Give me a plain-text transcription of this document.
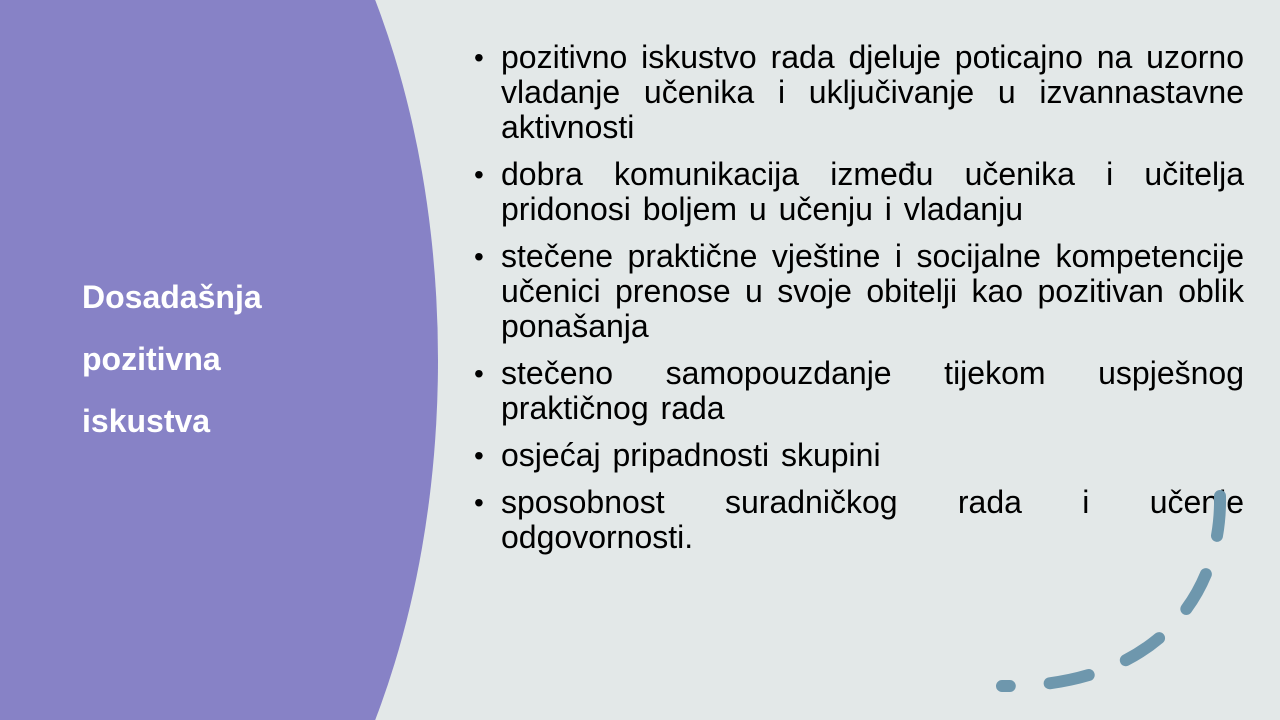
Dosadašnja
pozitivna
iskustva
• pozitivno iskustvo rada djeluje poticajno na uzorno vladanje učenika i uključivanje u izvannastavne aktivnosti
• dobra komunikacija između učenika i učitelja pridonosi boljem u učenju i vladanju
• stečene praktične vještine i socijalne kompetencije učenici prenose u svoje obitelji kao pozitivan oblik ponašanja
• stečeno samopouzdanje tijekom uspješnog praktičnog rada
• osjećaj pripadnosti skupini
• sposobnost suradničkog rada i učenje odgovornosti.
